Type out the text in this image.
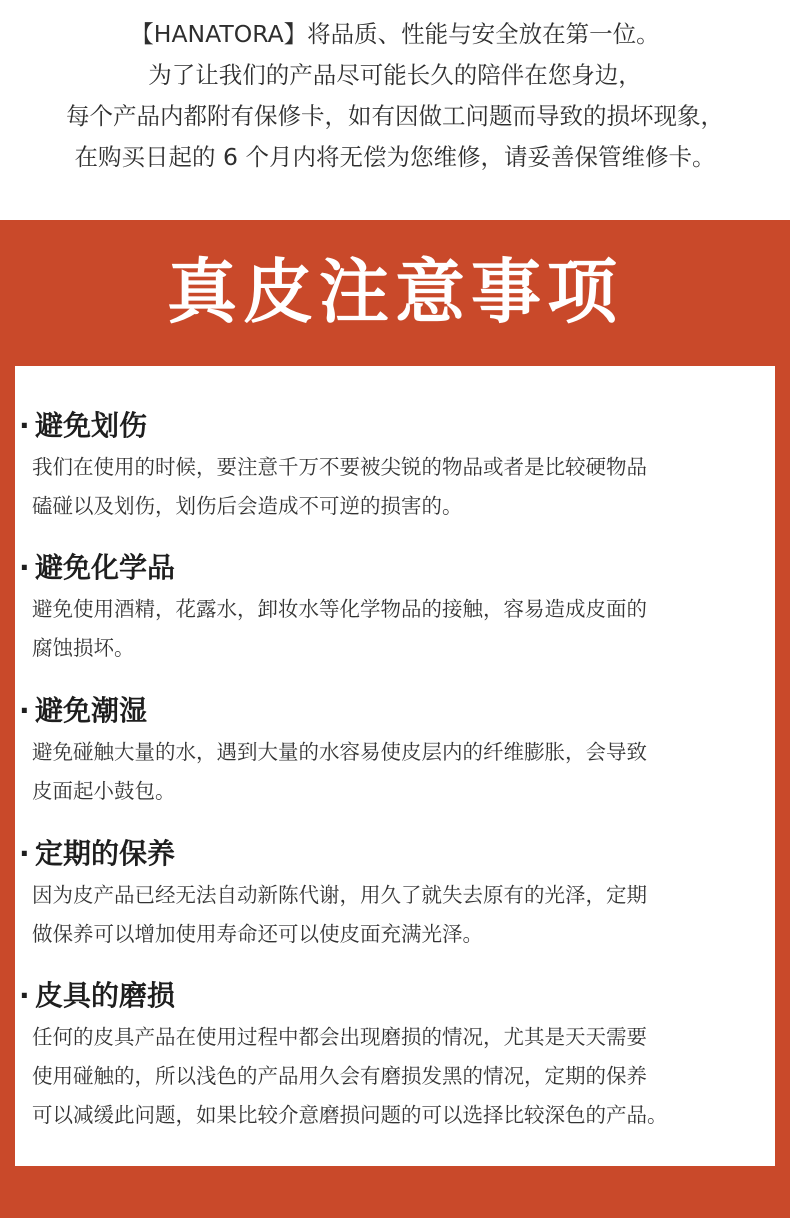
【HANATORA】将品质、性能与安全放在第一位。

为了让我们的产品尽可能长久的陪伴在您身边，

每个产品内都附有保修卡，如有因做工问题而导致的损坏现象，

在购买日起的 6 个月内将无偿为您维修，请妥善保管维修卡。

真皮注意事项
· 避免划伤

我们在使用的时候，要注意千万不要被尖锐的物品或者是比较硬物品
磕碰以及划伤，划伤后会造成不可逆的损害的。

· 避免化学品

避免使用酒精，花露水，卸妆水等化学物品的接触，容易造成皮面的
腐蚀损坏。

· 避免潮湿

避免碰触大量的水，遇到大量的水容易使皮层内的纤维膨胀，会导致
皮面起小鼓包。

· 定期的保养

因为皮产品已经无法自动新陈代谢，用久了就失去原有的光泽，定期
做保养可以增加使用寿命还可以使皮面充满光泽。

· 皮具的磨损

任何的皮具产品在使用过程中都会出现磨损的情况，尤其是天天需要
使用碰触的，所以浅色的产品用久会有磨损发黑的情况，定期的保养
可以减缓此问题，如果比较介意磨损问题的可以选择比较深色的产品。
